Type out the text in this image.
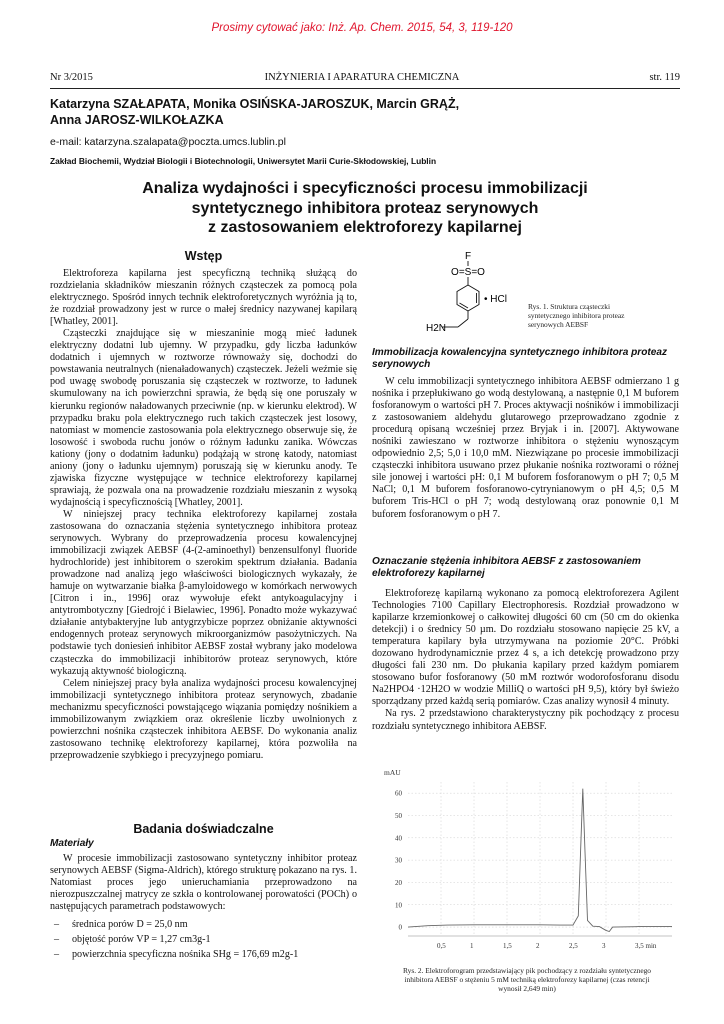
Prosimy cytować jako: Inż. Ap. Chem. 2015, 54, 3, 119-120
Nr 3/2015	INŻYNIERIA I APARATURA CHEMICZNA	str. 119
Katarzyna SZAŁAPATA, Monika OSIŃSKA-JAROSZUK, Marcin GRĄŻ,
Anna JAROSZ-WILKOŁAZKA
e-mail: katarzyna.szalapata@poczta.umcs.lublin.pl
Zakład Biochemii, Wydział Biologii i Biotechnologii, Uniwersytet Marii Curie-Skłodowskiej, Lublin
Analiza wydajności i specyficzności procesu immobilizacji
syntetycznego inhibitora proteaz serynowych
z zastosowaniem elektroforezy kapilarnej
Wstęp

Elektroforeza kapilarna jest specyficzną techniką służącą do rozdzielania składników mieszanin różnych cząsteczek za pomocą pola elektrycznego. Spośród innych technik elektroforetycznych wyróżnia ją to, że rozdział prowadzony jest w rurce o małej średnicy nazywanej kapilarą [Whatley, 2001].

Cząsteczki znajdujące się w mieszaninie mogą mieć ładunek elektryczny dodatni lub ujemny. W przypadku, gdy liczba ładunków dodatnich i ujemnych w roztworze równoważy się, dochodzi do powstawania neutralnych (nienaładowanych) cząsteczek. Jeżeli weźmie się pod uwagę swobodę poruszania się cząsteczek w roztworze, to ładunek skumulowany na ich powierzchni sprawia, że będą się one poruszały w kierunku regionów naładowanych przeciwnie (np. w kierunku elektrod). W przypadku braku pola elektrycznego ruch takich cząsteczek jest losowy, natomiast w momencie zastosowania pola elektrycznego obserwuje się, że losowość i swoboda ruchu jonów o różnym ładunku zanika. Wówczas kationy (jony o dodatnim ładunku) podążają w stronę katody, natomiast aniony (jony o ładunku ujemnym) poruszają się w kierunku anody. Te zjawiska fizyczne występujące w technice elektroforezy kapilarnej sprawiają, że pozwala ona na prowadzenie rozdziału mieszanin z wysoką wydajnością i specyficznością [Whatley, 2001].

W niniejszej pracy technika elektroforezy kapilarnej została zastosowana do oznaczania stężenia syntetycznego inhibitora proteaz serynowych. Wybrany do przeprowadzenia procesu kowalencyjnej immobilizacji związek AEBSF (4-(2-aminoethyl) benzensulfonyl fluoride hydrochloride) jest inhibitorem o szerokim spektrum działania. Badania prowadzone nad analizą jego właściwości biologicznych wykazały, że hamuje on wytwarzanie białka β-amyloidowego w komórkach nerwowych [Citron i in., 1996] oraz wywołuje efekt antykoagulacyjny i antytrombotyczny [Giedrojć i Bielawiec, 1996]. Ponadto może wykazywać działanie antybakteryjne lub antygrzybicze poprzez obniżanie aktywności endogennych proteaz serynowych mikroorganizmów pasożytniczych. Na podstawie tych doniesień inhibitor AEBSF został wybrany jako modelowa cząsteczka do immobilizacji inhibitorów proteaz serynowych, które wykazują aktywność biologiczną.

Celem niniejszej pracy była analiza wydajności procesu kowalencyjnej immobilizacji syntetycznego inhibitora proteaz serynowych, zbadanie mechanizmu specyficzności powstającego wiązania pomiędzy nośnikiem a immobilizowanym związkiem oraz określenie liczby uwolnionych z powierzchni nośnika cząsteczek inhibitora AEBSF. Do wykonania analiz zastosowano technikę elektroforezy kapilarnej, która pozwoliła na przeprowadzenie szybkiego i precyzyjnego pomiaru.

Badania doświadczalne
Materiały

W procesie immobilizacji zastosowano syntetyczny inhibitor proteaz serynowych AEBSF (Sigma-Aldrich), którego strukturę pokazano na rys. 1. Natomiast proces jego unieruchamiania przeprowadzono na nierozpuszczalnej matrycy ze szkła o kontrolowanej porowatości (POCh) o następujących parametrach podstawowych:

– średnica porów D = 25,0 nm
– objętość porów VP = 1,27 cm3g-1
– powierzchnia specyficzna nośnika SHg = 176,69 m2g-1
F
O=S=O
H2N
• HCl
Rys. 1. Struktura cząsteczki syntetycznego inhibitora proteaz serynowych AEBSF
Immobilizacja kowalencyjna syntetycznego inhibitora proteaz serynowych

W celu immobilizacji syntetycznego inhibitora AEBSF odmierzano 1 g nośnika i przepłukiwano go wodą destylowaną, a następnie 0,1 M buforem fosforanowym o wartości pH 7. Proces aktywacji nośników i immobilizacji z zastosowaniem aldehydu glutarowego przeprowadzano zgodnie z procedurą opisaną wcześniej przez Bryjak i in. [2007]. Aktywowane nośniki zawieszano w roztworze inhibitora o stężeniu wynoszącym odpowiednio 2,5; 5,0 i 10,0 mM. Niezwiązane po procesie immobilizacji cząsteczki inhibitora usuwano przez płukanie nośnika roztworami o różnej sile jonowej i wartości pH: 0,1 M buforem fosforanowym o pH 7; 0,5 M NaCl; 0,1 M buforem fosforanowo-cytrynianowym o pH 4,5; 0,5 M buforem Tris-HCl o pH 7; wodą destylowaną oraz ponownie 0,1 M buforem fosforanowym o pH 7.

Oznaczanie stężenia inhibitora AEBSF z zastosowaniem elektroforezy kapilarnej

Elektroforezę kapilarną wykonano za pomocą elektroforezera Agilent Technologies 7100 Capillary Electrophoresis. Rozdział prowadzono w kapilarze krzemionkowej o całkowitej długości 60 cm (50 cm do okienka detekcji) i o średnicy 50 µm. Do rozdziału stosowano napięcie 25 kV, a temperatura kapilary była utrzymywana na poziomie 20°C. Próbki dozowano hydrodynamicznie przez 4 s, a ich detekcję prowadzono przy długości fali 230 nm. Do płukania kapilary przed każdym pomiarem stosowano bufor fosforanowy (50 mM roztwór wodorofosforanu disodu Na2HPO4 ·12H2O w wodzie MilliQ o wartości pH 9,5), który był świeżo sporządzany przed każdą serią pomiarów. Czas analizy wynosił 4 minuty.

Na rys. 2 przedstawiono charakterystyczny pik pochodzący z procesu rozdziału syntetycznego inhibitora AEBSF.

mAU
60
50
40
30
20
10
0
0,5	1	1,5	2	2,5	3	3,5 min
Rys. 2. Elektroforogram przedstawiający pik pochodzący z rozdziału syntetycznego inhibitora AEBSF o stężeniu 5 mM techniką elektroforezy kapilarnej (czas retencji wynosił 2,649 min)
